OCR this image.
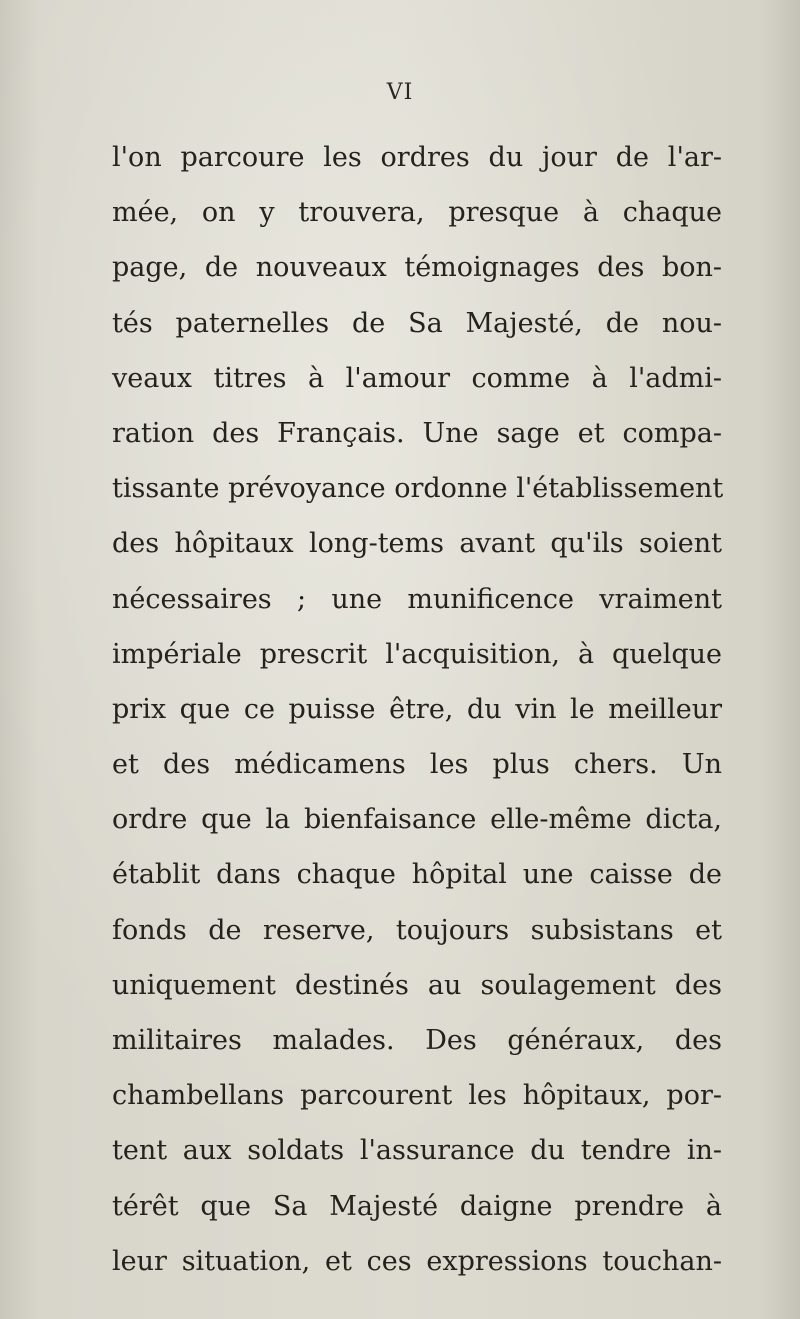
VI
l'on parcoure les ordres du jour de l'ar-
mée, on y trouvera, presque à chaque
page, de nouveaux témoignages des bon-
tés paternelles de Sa Majesté, de nou-
veaux titres à l'amour comme à l'admi-
ration des Français. Une sage et compa-
tissante prévoyance ordonne l'établissement
des hôpitaux long-tems avant qu'ils soient
nécessaires ; une munificence vraiment
impériale prescrit l'acquisition, à quelque
prix que ce puisse être, du vin le meilleur
et des médicamens les plus chers. Un
ordre que la bienfaisance elle-même dicta,
établit dans chaque hôpital une caisse de
fonds de reserve, toujours subsistans et
uniquement destinés au soulagement des
militaires malades. Des généraux, des
chambellans parcourent les hôpitaux, por-
tent aux soldats l'assurance du tendre in-
térêt que Sa Majesté daigne prendre à
leur situation, et ces expressions touchan-
